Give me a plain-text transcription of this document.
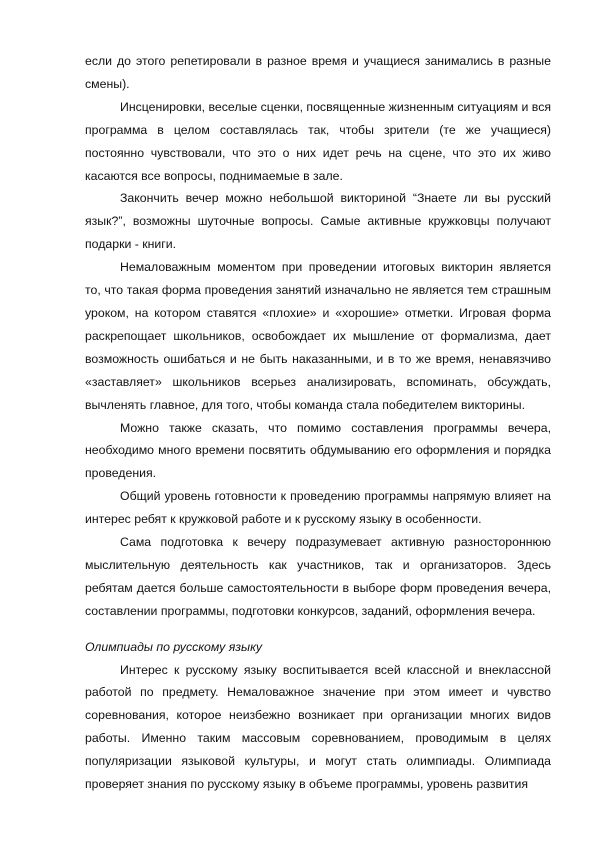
если до этого репетировали в разное время и учащиеся занимались в разные смены).

Инсценировки, веселые сценки, посвященные жизненным ситуациям и вся программа в целом составлялась так, чтобы зрители (те же учащиеся) постоянно чувствовали, что это о них идет речь на сцене, что это их живо касаются все вопросы, поднимаемые в зале.

Закончить вечер можно небольшой викториной “Знаете ли вы русский язык?”, возможны шуточные вопросы. Самые активные кружковцы получают подарки - книги.

Немаловажным моментом при проведении итоговых викторин является то, что такая форма проведения занятий изначально не является тем страшным уроком, на котором ставятся «плохие» и «хорошие» отметки. Игровая форма раскрепощает школьников, освобождает их мышление от формализма, дает возможность ошибаться и не быть наказанными, и в то же время, ненавязчиво «заставляет» школьников всерьез анализировать, вспоминать, обсуждать, вычленять главное, для того, чтобы команда стала победителем викторины.

Можно также сказать, что помимо составления программы вечера, необходимо много времени посвятить обдумыванию его оформления и порядка проведения.

Общий уровень готовности к проведению программы напрямую влияет на интерес ребят к кружковой работе и к русскому языку в особенности.

Сама подготовка к вечеру подразумевает активную разностороннюю мыслительную деятельность как участников, так и организаторов. Здесь ребятам дается больше самостоятельности в выборе форм проведения вечера, составлении программы, подготовки конкурсов, заданий, оформления вечера.

Олимпиады по русскому языку

Интерес к русскому языку воспитывается всей классной и внеклассной работой по предмету. Немаловажное значение при этом имеет и чувство соревнования, которое неизбежно возникает при организации многих видов работы. Именно таким массовым соревнованием, проводимым в целях популяризации языковой культуры, и могут стать олимпиады. Олимпиада проверяет знания по русскому языку в объеме программы, уровень развития
